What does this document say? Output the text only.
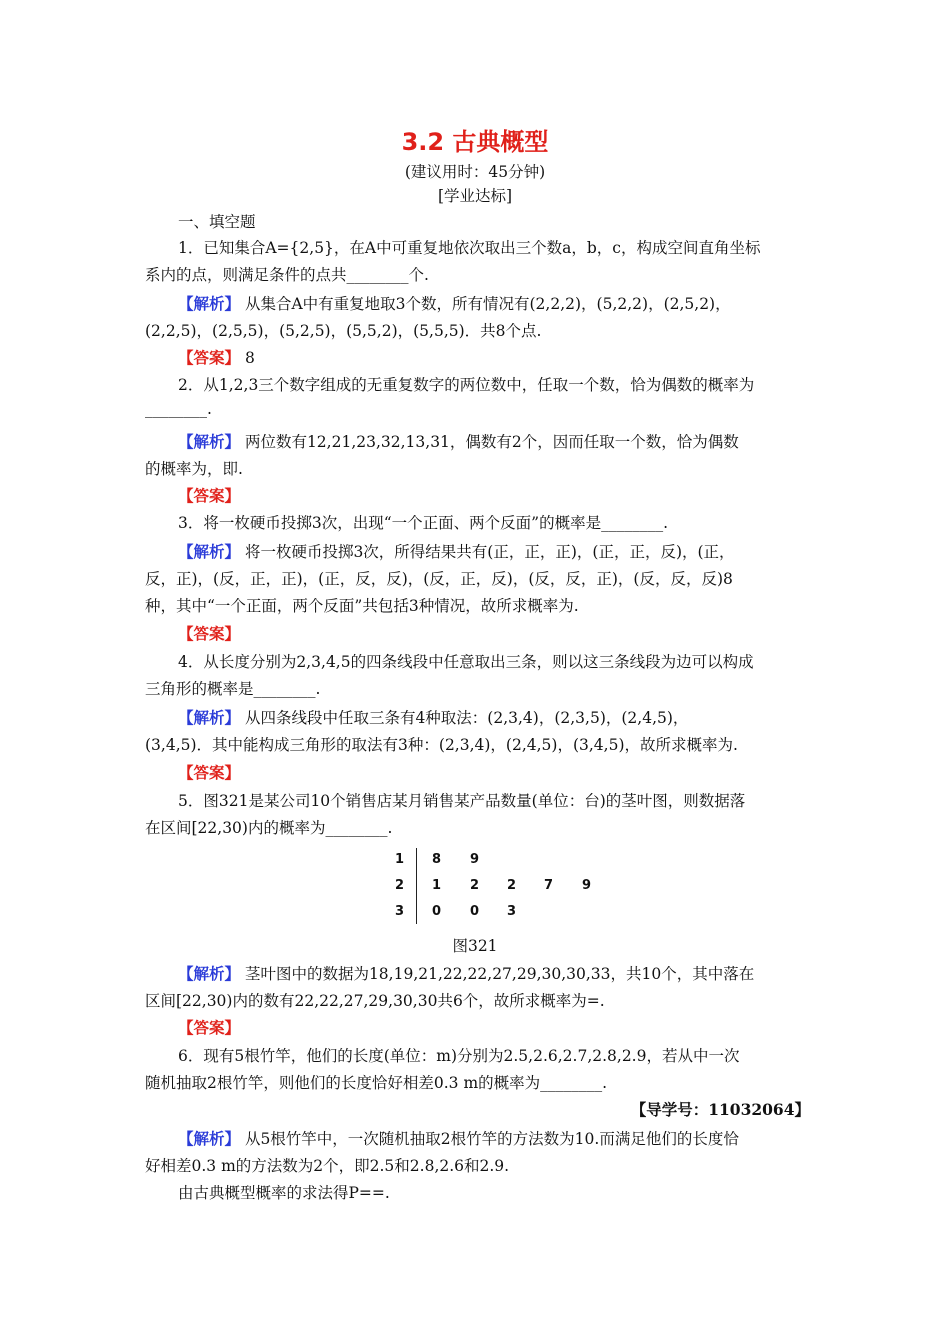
3.2 古典概型
(建议用时：45分钟)
[学业达标]
一、填空题
1．已知集合A={2,5}，在A中可重复地依次取出三个数a，b，c，构成空间直角坐标
系内的点，则满足条件的点共________个.
【解析】 从集合A中有重复地取3个数，所有情况有(2,2,2)，(5,2,2)，(2,5,2)，
(2,2,5)，(2,5,5)，(5,2,5)，(5,5,2)，(5,5,5)．共8个点.
【答案】 8
2．从1,2,3三个数字组成的无重复数字的两位数中，任取一个数，恰为偶数的概率为
________.
【解析】 两位数有12,21,23,32,13,31，偶数有2个，因而任取一个数，恰为偶数
的概率为，即.
【答案】
3．将一枚硬币投掷3次，出现“一个正面、两个反面”的概率是________.
【解析】 将一枚硬币投掷3次，所得结果共有(正，正，正)，(正，正，反)，(正，
反，正)，(反，正，正)，(正，反，反)，(反，正，反)，(反，反，正)，(反，反，反)8
种，其中“一个正面，两个反面”共包括3种情况，故所求概率为.
【答案】
4．从长度分别为2,3,4,5的四条线段中任意取出三条，则以这三条线段为边可以构成
三角形的概率是________.
【解析】 从四条线段中任取三条有4种取法：(2,3,4)，(2,3,5)，(2,4,5)，
(3,4,5)．其中能构成三角形的取法有3种：(2,3,4)，(2,4,5)，(3,4,5)，故所求概率为.
【答案】
5．图321是某公司10个销售店某月销售某产品数量(单位：台)的茎叶图，则数据落
在区间[22,30)内的概率为________.
1 8 9
2 1 2 2 7 9
3 0 0 3
图321
【解析】 茎叶图中的数据为18,19,21,22,22,27,29,30,30,33，共10个，其中落在
区间[22,30)内的数有22,22,27,29,30,30共6个，故所求概率为=.
【答案】
6．现有5根竹竿，他们的长度(单位：m)分别为2.5,2.6,2.7,2.8,2.9，若从中一次
随机抽取2根竹竿，则他们的长度恰好相差0.3 m的概率为________.
【导学号：11032064】
【解析】 从5根竹竿中，一次随机抽取2根竹竿的方法数为10.而满足他们的长度恰
好相差0.3 m的方法数为2个，即2.5和2.8,2.6和2.9.
由古典概型概率的求法得P==.
